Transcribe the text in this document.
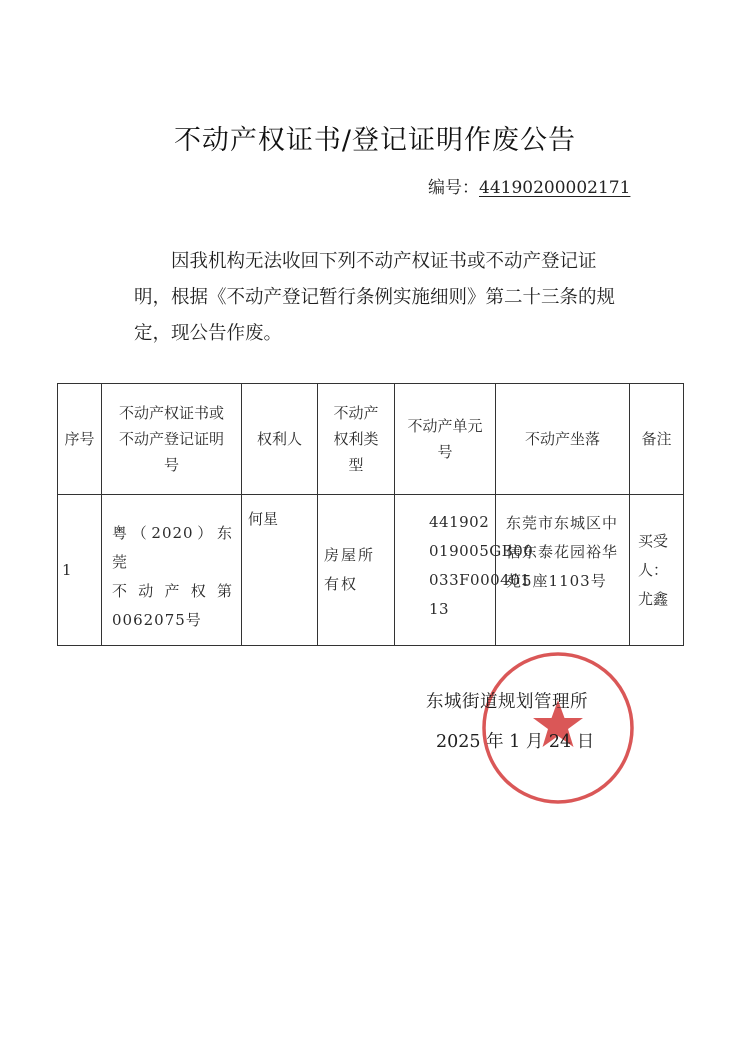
不动产权证书/登记证明作废公告
编号：44190200002171
因我机构无法收回下列不动产权证书或不动产登记证
明，根据《不动产登记暂行条例实施细则》第二十三条的规
定，现公告作废。
序号	不动产权证书或
不动产登记证明
号	权利人	不动产
权利类
型	不动产单元
号	不动产坐落	备注
1	粤（2020）东莞
不动产权第
0062075号	何星	房屋所
有权	441902
019005GB00
033F000401
13	东莞市东城区中
信东泰花园裕华
苑5座1103号	买受人：
尤鑫
东城街道规划管理所
2025 年 1 月 24 日
